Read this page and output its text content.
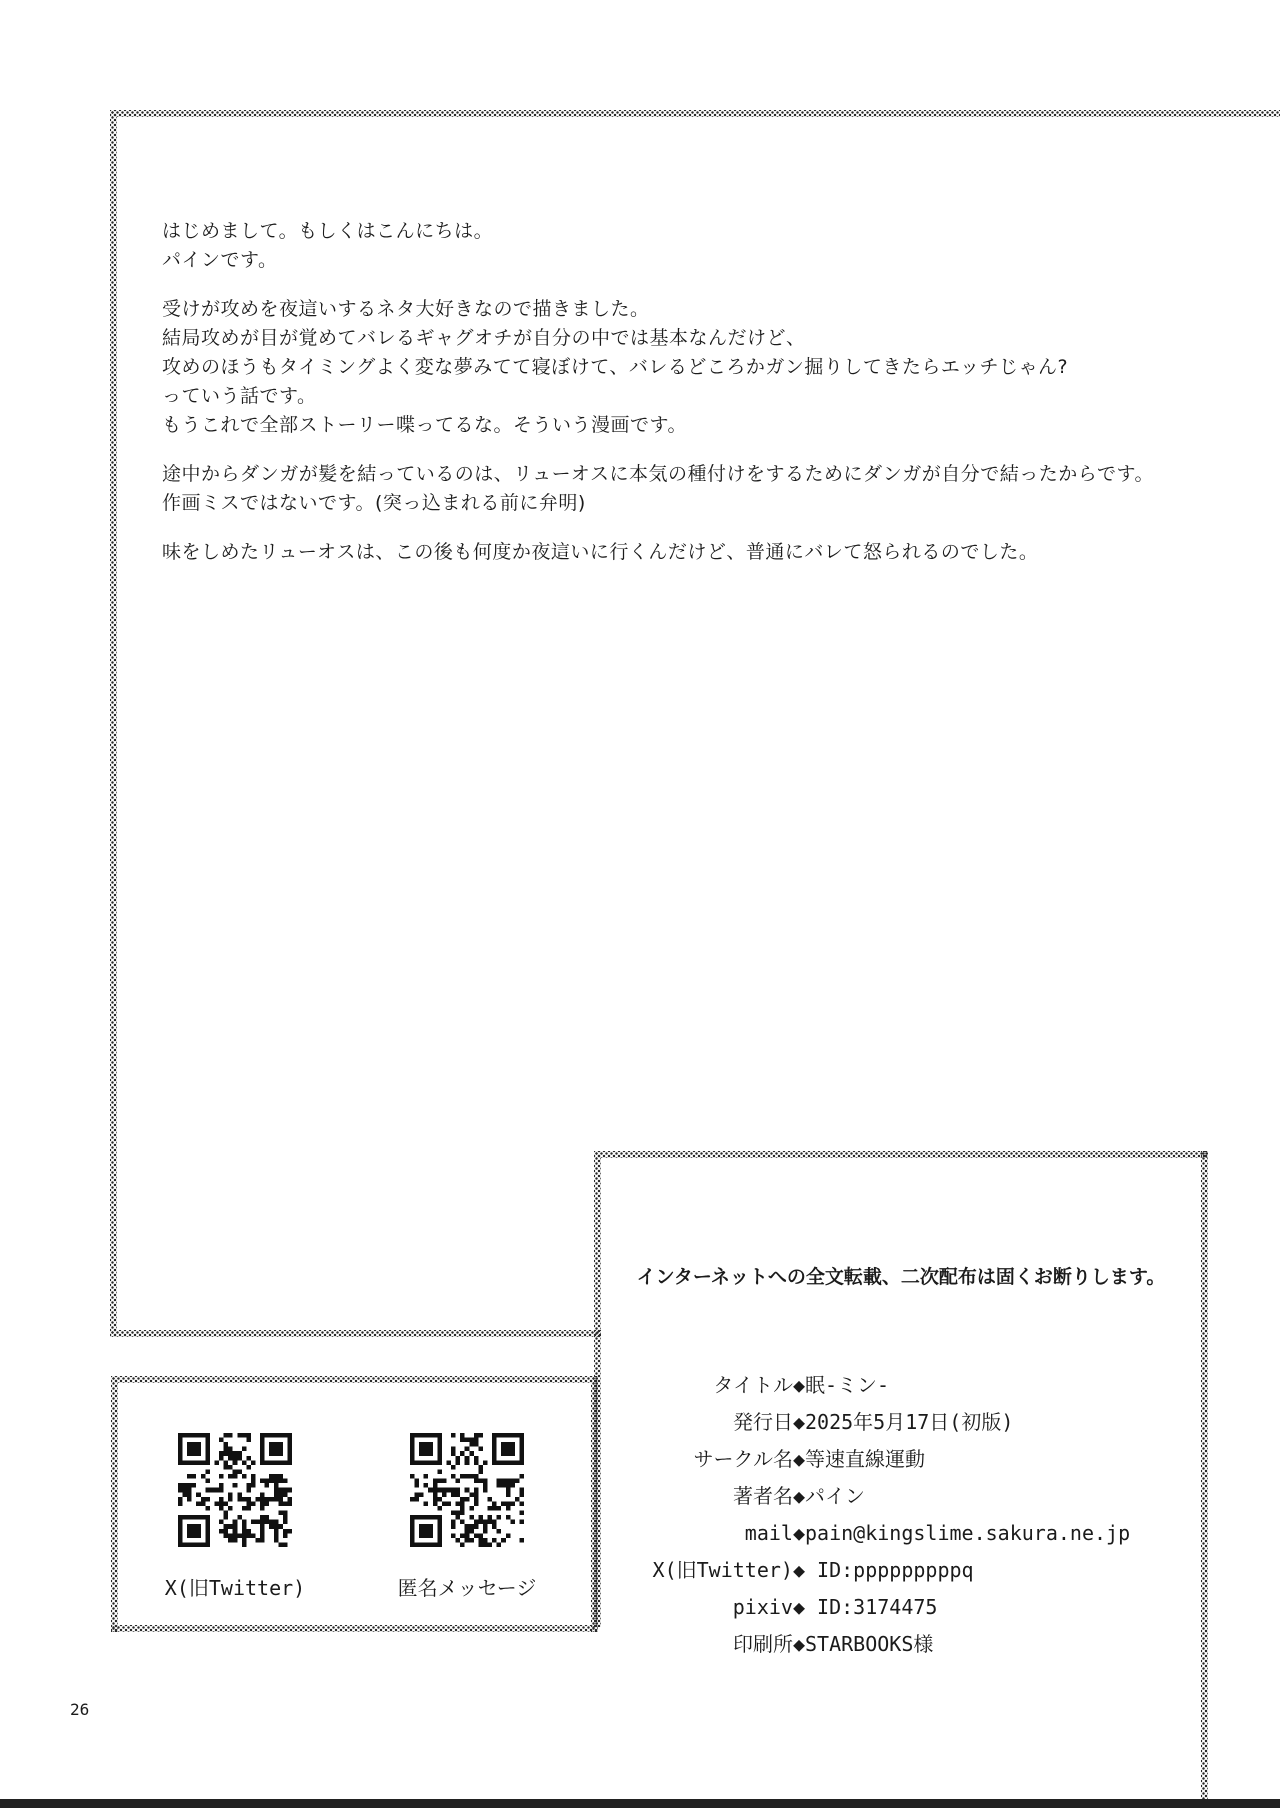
はじめまして。もしくはこんにちは。
パインです。

受けが攻めを夜這いするネタ大好きなので描きました。
結局攻めが目が覚めてバレるギャグオチが自分の中では基本なんだけど、
攻めのほうもタイミングよく変な夢みてて寝ぼけて、バレるどころかガン掘りしてきたらエッチじゃん?
っていう話です。
もうこれで全部ストーリー喋ってるな。そういう漫画です。

途中からダンガが髪を結っているのは、リューオスに本気の種付けをするためにダンガが自分で結ったからです。
作画ミスではないです。(突っ込まれる前に弁明)

味をしめたリューオスは、この後も何度か夜這いに行くんだけど、普通にバレて怒られるのでした。

インターネットへの全文転載、二次配布は固くお断りします。
タイトル◆ 眠-ミン-
発行日◆ 2025年5月17日(初版)
サークル名◆ 等速直線運動
著者名◆ パイン
mail◆ pain@kingslime.sakura.ne.jp
X(旧Twitter)◆ ID:pppppppppq
pixiv◆ ID:3174475
印刷所◆ STARBOOKS様
X(旧Twitter)	匿名メッセージ
26
